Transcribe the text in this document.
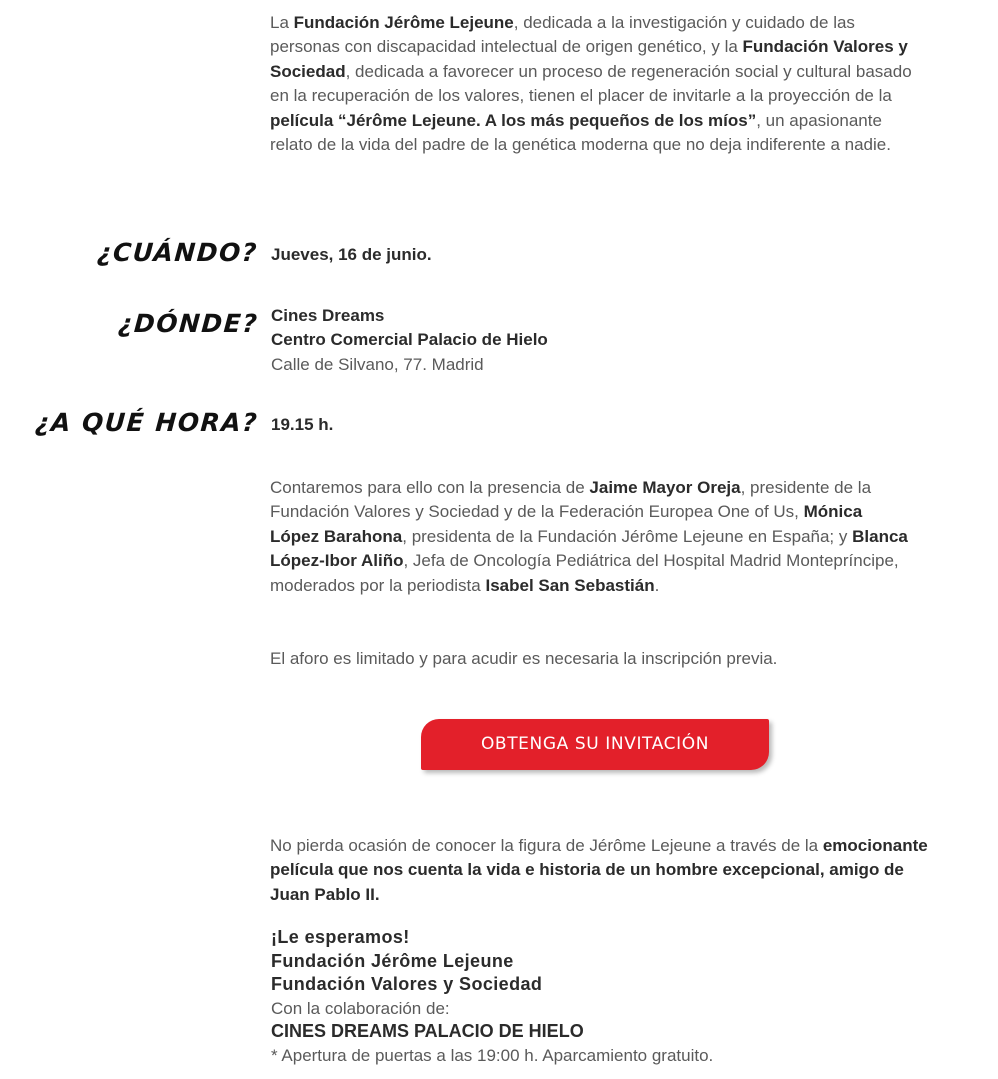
La Fundación Jérôme Lejeune, dedicada a la investigación y cuidado de las personas con discapacidad intelectual de origen genético, y la Fundación Valores y Sociedad, dedicada a favorecer un proceso de regeneración social y cultural basado en la recuperación de los valores, tienen el placer de invitarle a la proyección de la película “Jérôme Lejeune. A los más pequeños de los míos”, un apasionante relato de la vida del padre de la genética moderna que no deja indiferente a nadie.

¿CUÁNDO? Jueves, 16 de junio.

¿DÓNDE? Cines Dreams
Centro Comercial Palacio de Hielo
Calle de Silvano, 77. Madrid
¿A QUÉ HORA? 19.15 h.

Contaremos para ello con la presencia de Jaime Mayor Oreja, presidente de la Fundación Valores y Sociedad y de la Federación Europea One of Us, Mónica López Barahona, presidenta de la Fundación Jérôme Lejeune en España; y Blanca López-Ibor Aliño, Jefa de Oncología Pediátrica del Hospital Madrid Montepríncipe, moderados por la periodista Isabel San Sebastián.

El aforo es limitado y para acudir es necesaria la inscripción previa.

OBTENGA SU INVITACIÓN

No pierda ocasión de conocer la figura de Jérôme Lejeune a través de la emocionante película que nos cuenta la vida e historia de un hombre excepcional, amigo de Juan Pablo II.

¡Le esperamos!
Fundación Jérôme Lejeune
Fundación Valores y Sociedad
Con la colaboración de:
CINES DREAMS PALACIO DE HIELO
* Apertura de puertas a las 19:00 h. Aparcamiento gratuito.
